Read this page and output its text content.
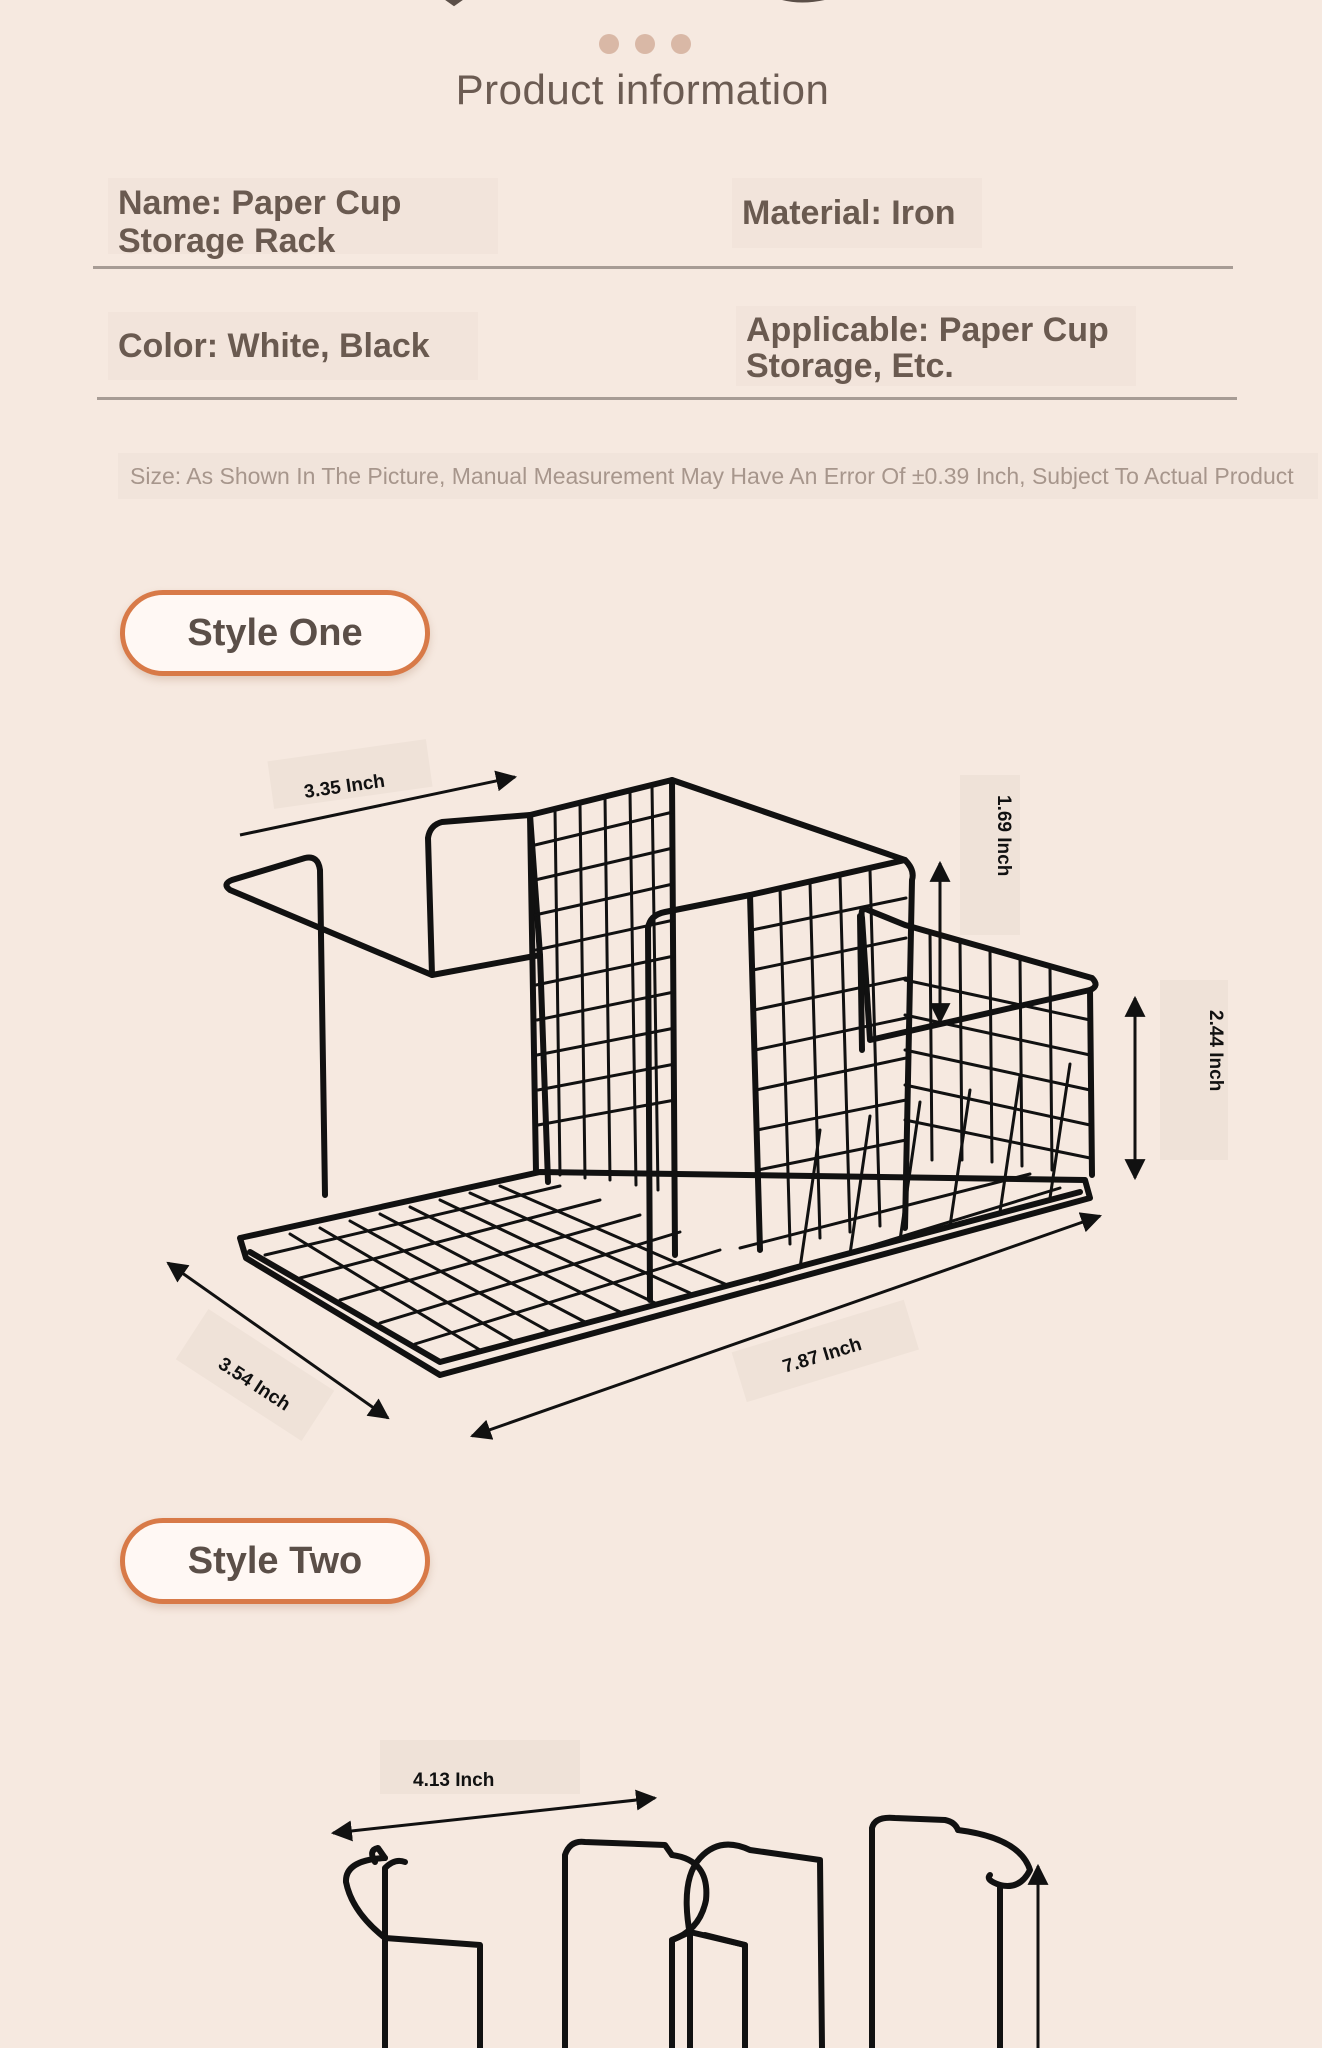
Product information
Name: Paper Cup
Storage Rack
Material: Iron
Color: White, Black	Applicable: Paper Cup
Storage, Etc.
Size: As Shown In The Picture, Manual Measurement May Have An Error Of ±0.39 Inch, Subject To Actual Product
Style One
Style Two
3.35 Inch
1.69 Inch
2.44 Inch
3.54 Inch	7.87 Inch
4.13 Inch
